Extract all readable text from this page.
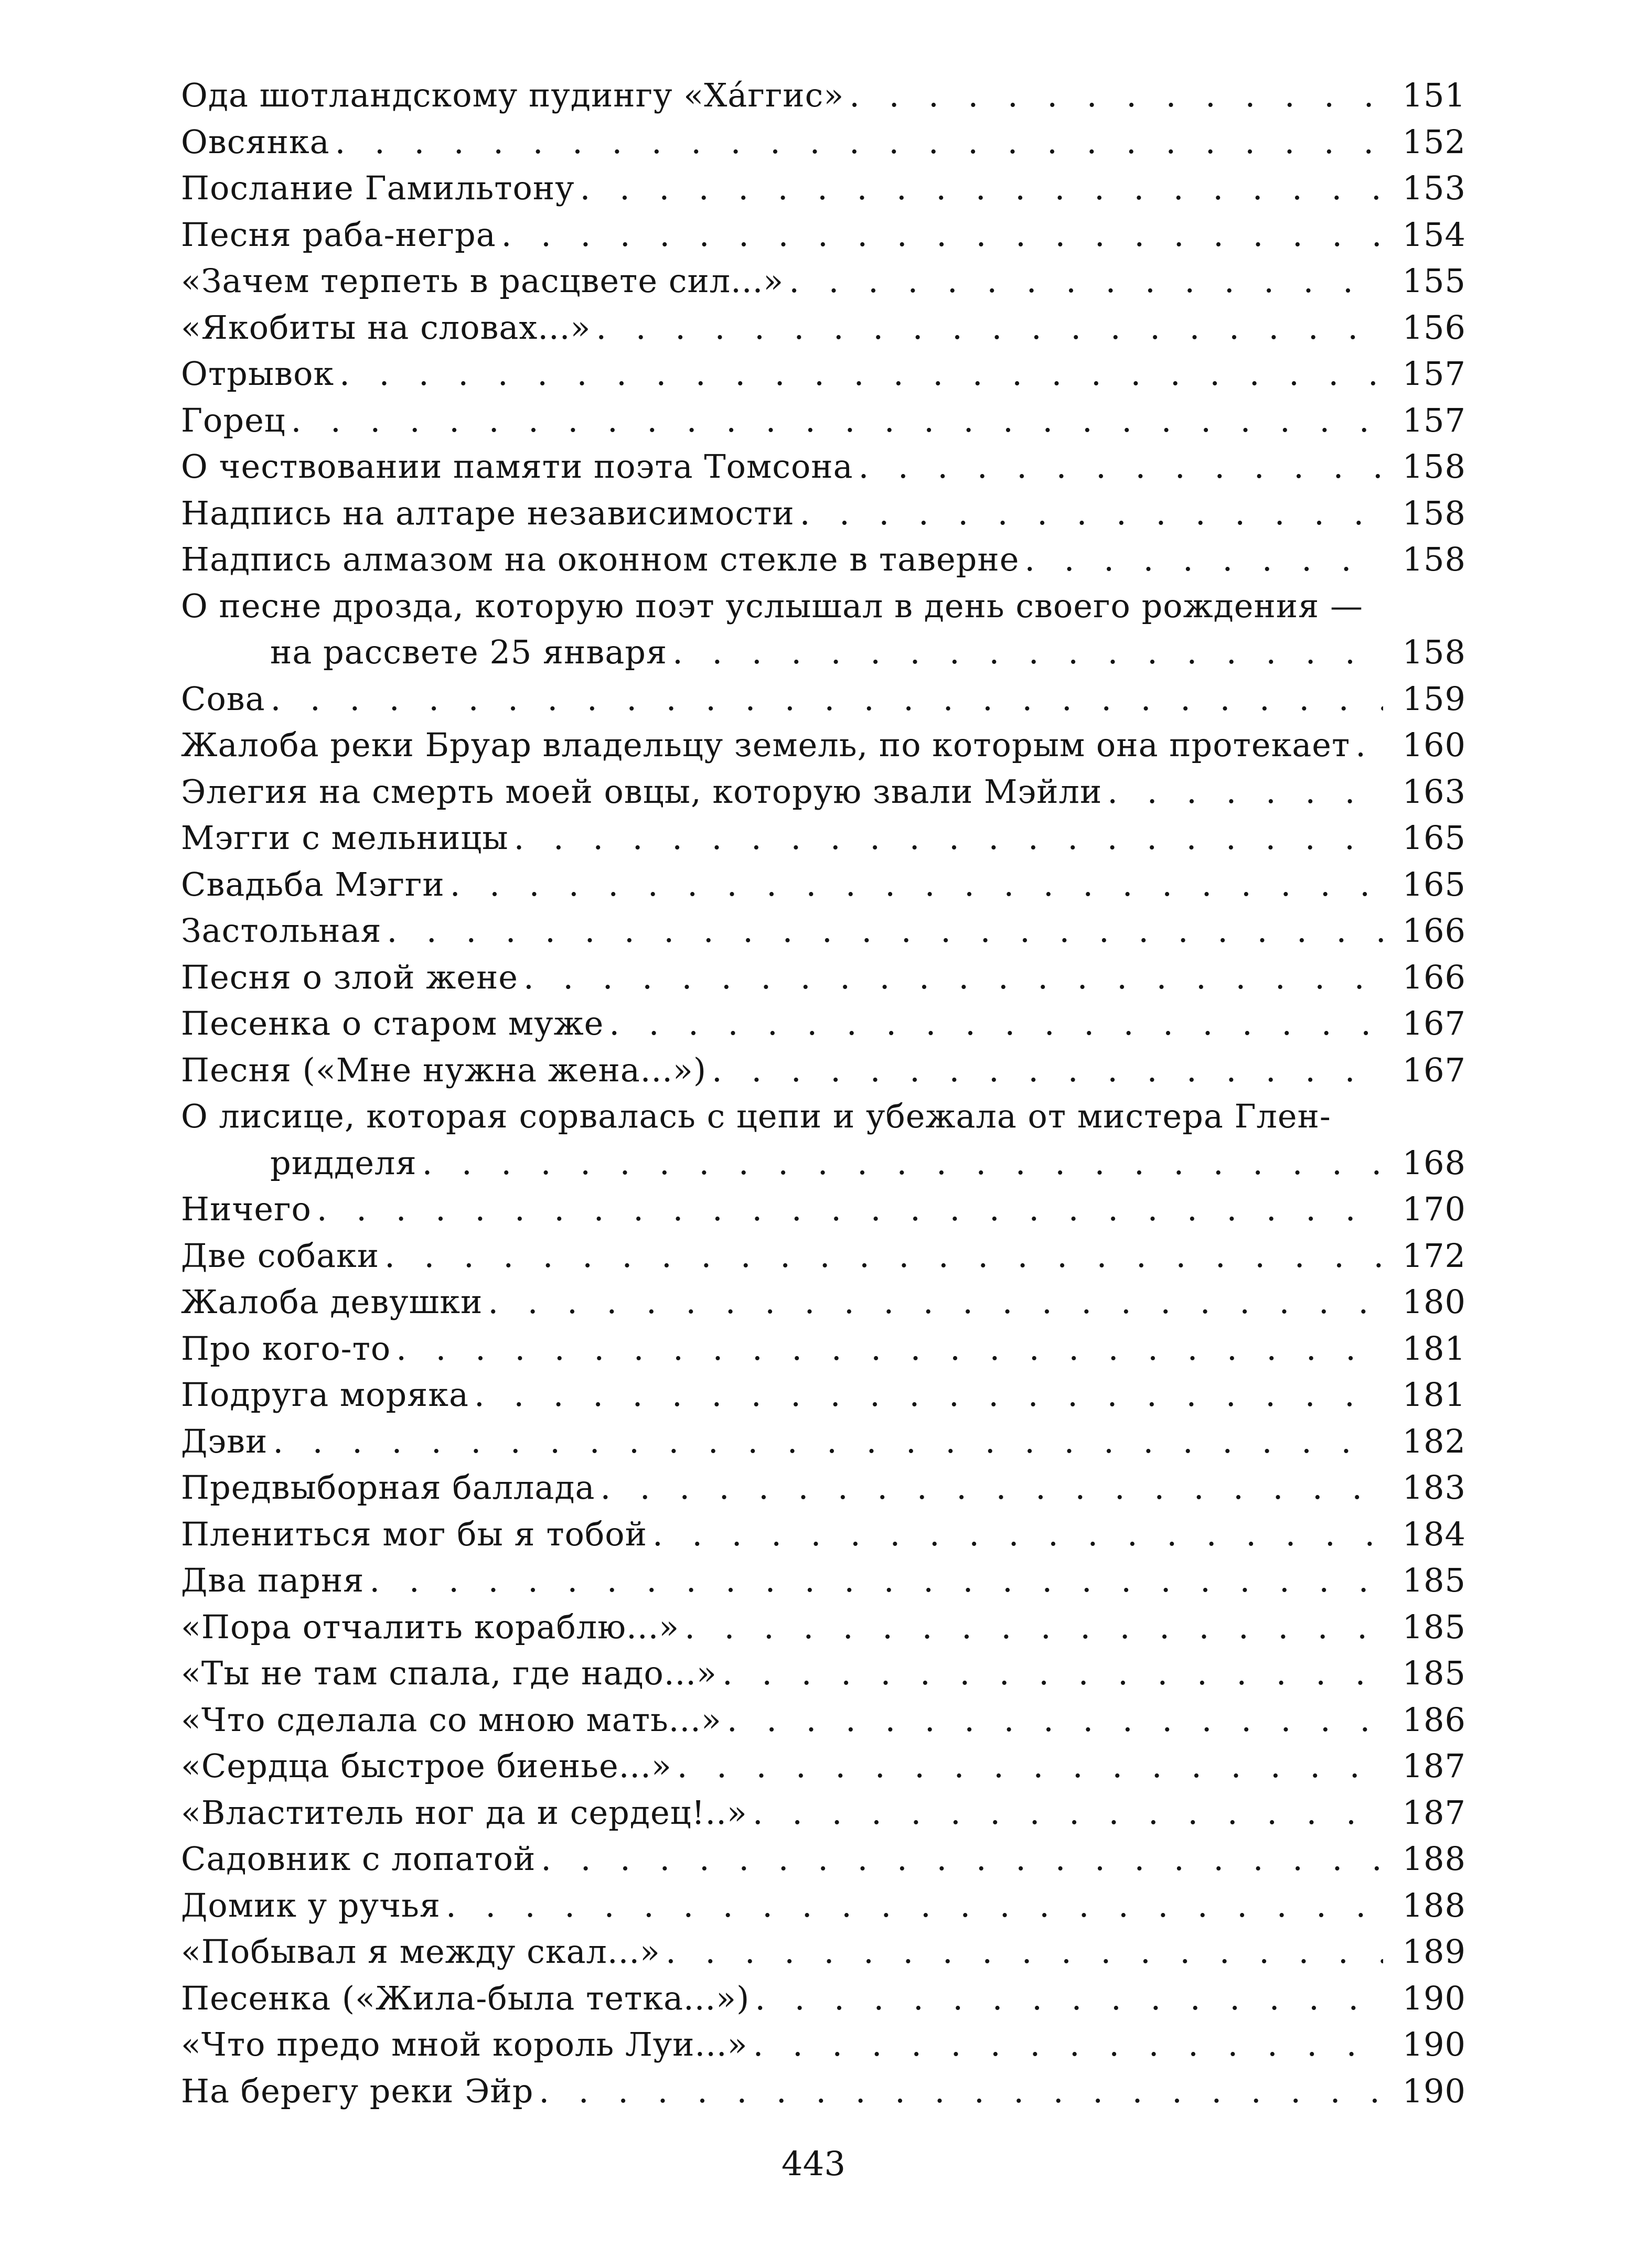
Ода шотландскому пудингу «Хáггис» . . .	151
Овсянка . . .	152
Послание Гамильтону . . .	153
Песня раба-негра . . .	154
«Зачем терпеть в расцвете сил...» . . .	155
«Якобиты на словах...» . . .	156
Отрывок . . .	157
Горец . . .	157
О чествовании памяти поэта Томсона . . .	158
Надпись на алтаре независимости . . .	158
Надпись алмазом на оконном стекле в таверне . . .	158
О песне дрозда, которую поэт услышал в день своего рождения —
на рассвете 25 января . . .	158
Сова . . .	159
Жалоба реки Бруар владельцу земель, по которым она протекает . . .	160
Элегия на смерть моей овцы, которую звали Мэйли . . .	163
Мэгги с мельницы . . .	165
Свадьба Мэгги . . .	165
Застольная . . .	166
Песня о злой жене . . .	166
Песенка о старом муже . . .	167
Песня («Мне нужна жена...») . . .	167
О лисице, которая сорвалась с цепи и убежала от мистера Глен-
ридделя . . .	168
Ничего . . .	170
Две собаки . . .	172
Жалоба девушки . . .	180
Про кого-то . . .	181
Подруга моряка . . .	181
Дэви . . .	182
Предвыборная баллада . . .	183
Плениться мог бы я тобой . . .	184
Два парня . . .	185
«Пора отчалить кораблю...» . . .	185
«Ты не там спала, где надо...» . . .	185
«Что сделала со мною мать...» . . .	186
«Сердца быстрое биенье...» . . .	187
«Властитель ног да и сердец!..» . . .	187
Садовник с лопатой . . .	188
Домик у ручья . . .	188
«Побывал я между скал...» . . .	189
Песенка («Жила-была тетка...») . . .	190
«Что предо мной король Луи...» . . .	190
На берегу реки Эйр . . .	190
443
